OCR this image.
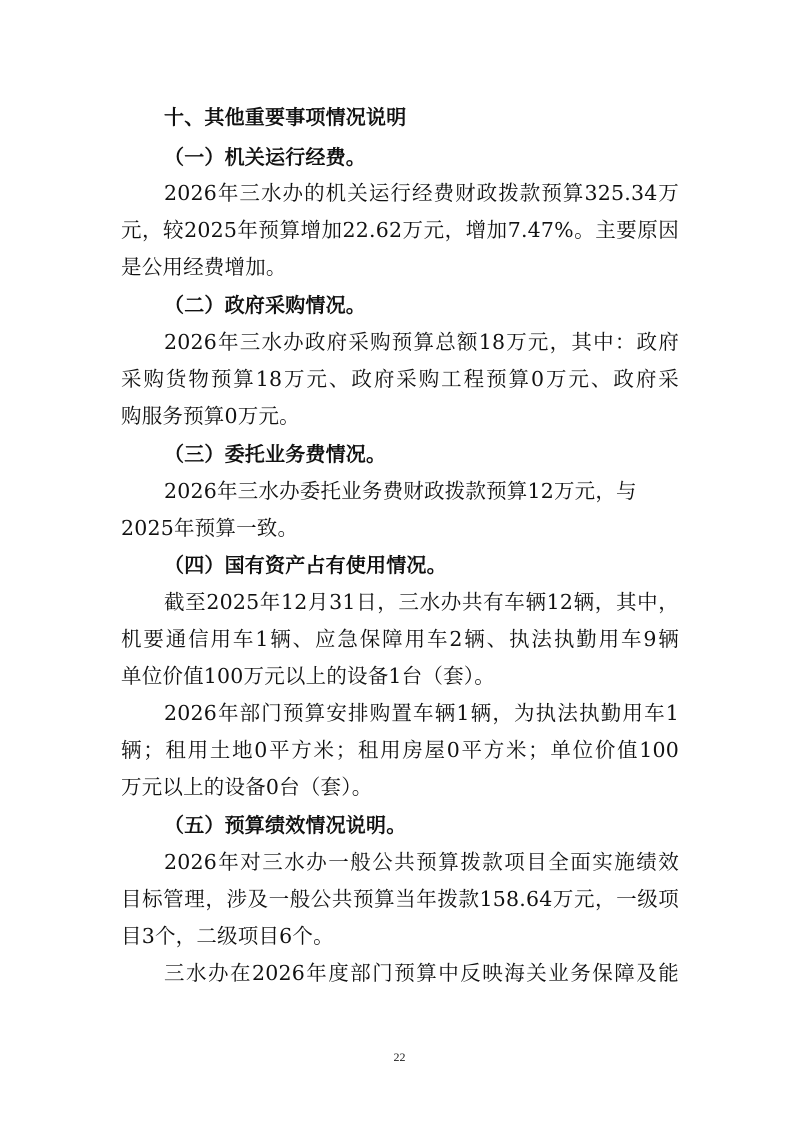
十、其他重要事项情况说明
（一）机关运行经费。
2026年三水办的机关运行经费财政拨款预算325.34万
元，较2025年预算增加22.62万元，增加7.47%。主要原因
是公用经费增加。
（二）政府采购情况。
2026年三水办政府采购预算总额18万元，其中：政府
采购货物预算18万元、政府采购工程预算0万元、政府采
购服务预算0万元。
（三）委托业务费情况。
2026年三水办委托业务费财政拨款预算12万元，与
2025年预算一致。
（四）国有资产占有使用情况。
截至2025年12月31日，三水办共有车辆12辆，其中，
机要通信用车1辆、应急保障用车2辆、执法执勤用车9辆
单位价值100万元以上的设备1台（套）。
2026年部门预算安排购置车辆1辆，为执法执勤用车1
辆；租用土地0平方米；租用房屋0平方米；单位价值100
万元以上的设备0台（套）。
（五）预算绩效情况说明。
2026年对三水办一般公共预算拨款项目全面实施绩效
目标管理，涉及一般公共预算当年拨款158.64万元，一级项
目3个，二级项目6个。
三水办在2026年度部门预算中反映海关业务保障及能
22
